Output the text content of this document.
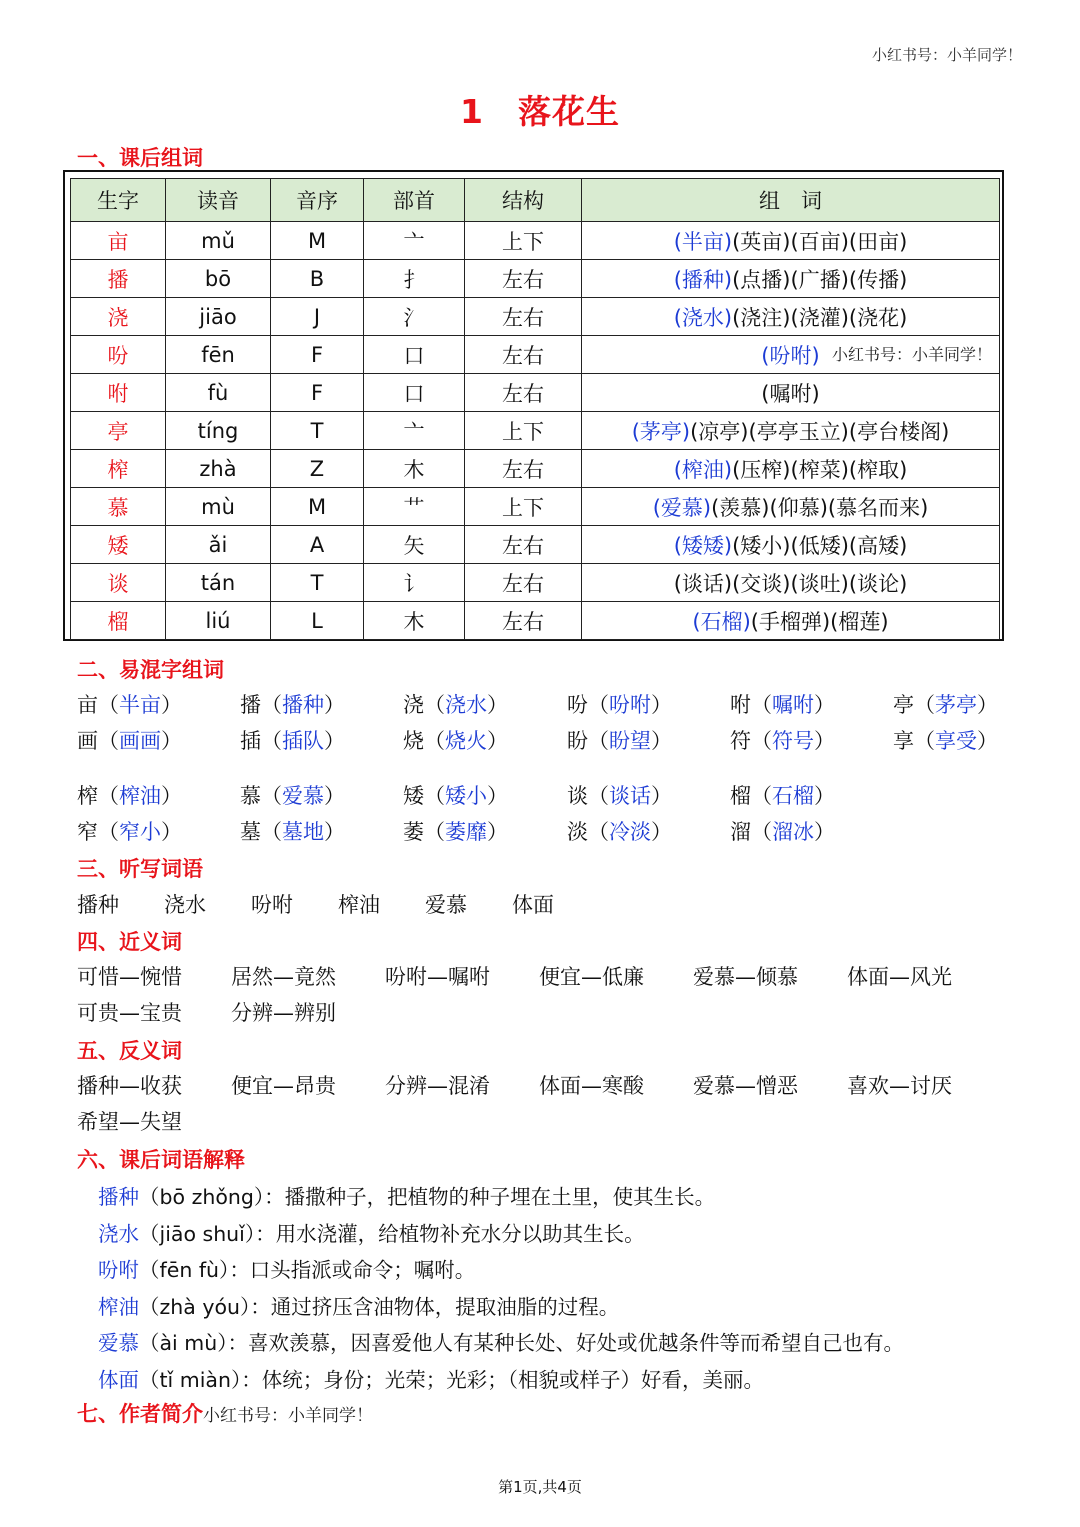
小红书号：小羊同学！
1 落花生
一、课后组词
生字	读音	音序	部首	结构	组　词
亩	mǔ	M	亠	上下	(半亩)(英亩)(百亩)(田亩)
播	bō	B	扌	左右	(播种)(点播)(广播)(传播)
浇	jiāo	J	氵	左右	(浇水)(浇注)(浇灌)(浇花)
吩	fēn	F	口	左右	(吩咐) 小红书号：小羊同学！

咐	fù	F	口	左右	(嘱咐)
亭	tíng	T	亠	上下	(茅亭)(凉亭)(亭亭玉立)(亭台楼阁)
榨	zhà	Z	木	左右	(榨油)(压榨)(榨菜)(榨取)
慕	mù	M	艹	上下	(爱慕)(羡慕)(仰慕)(慕名而来)
矮	ǎi	A	矢	左右	(矮矮)(矮小)(低矮)(高矮)
谈	tán	T	讠	左右	(谈话)(交谈)(谈吐)(谈论)
榴	liú	L	木	左右	(石榴)(手榴弹)(榴莲)
二、易混字组词
亩（半亩）	播（播种）	浇（浇水）	吩（吩咐）	咐（嘱咐）	亭（茅亭）
画（画画）	插（插队）	烧（烧火）	盼（盼望）	符（符号）	享（享受）
榨（榨油）	慕（爱慕）	矮（矮小）	谈（谈话）	榴（石榴）
窄（窄小）	墓（墓地）	萎（萎靡）	淡（冷淡）	溜（溜冰）
三、听写词语
播种 浇水 吩咐 榨油 爱慕 体面
四、近义词
可惜—惋惜 居然—竟然 吩咐—嘱咐 便宜—低廉 爱慕—倾慕 体面—风光
可贵—宝贵 分辨—辨别
五、反义词
播种—收获 便宜—昂贵 分辨—混淆 体面—寒酸 爱慕—憎恶 喜欢—讨厌
希望—失望
六、课后词语解释
播种（bō zhǒng）：播撒种子，把植物的种子埋在土里，使其生长。
浇水（jiāo shuǐ）：用水浇灌，给植物补充水分以助其生长。
吩咐（fēn fù）：口头指派或命令；嘱咐。
榨油（zhà yóu）：通过挤压含油物体，提取油脂的过程。
爱慕（ài mù）：喜欢羡慕，因喜爱他人有某种长处、好处或优越条件等而希望自己也有。
体面（tǐ miàn）：体统；身份；光荣；光彩；（相貌或样子）好看，美丽。
七、作者简介小红书号：小羊同学！
第1页,共4页
